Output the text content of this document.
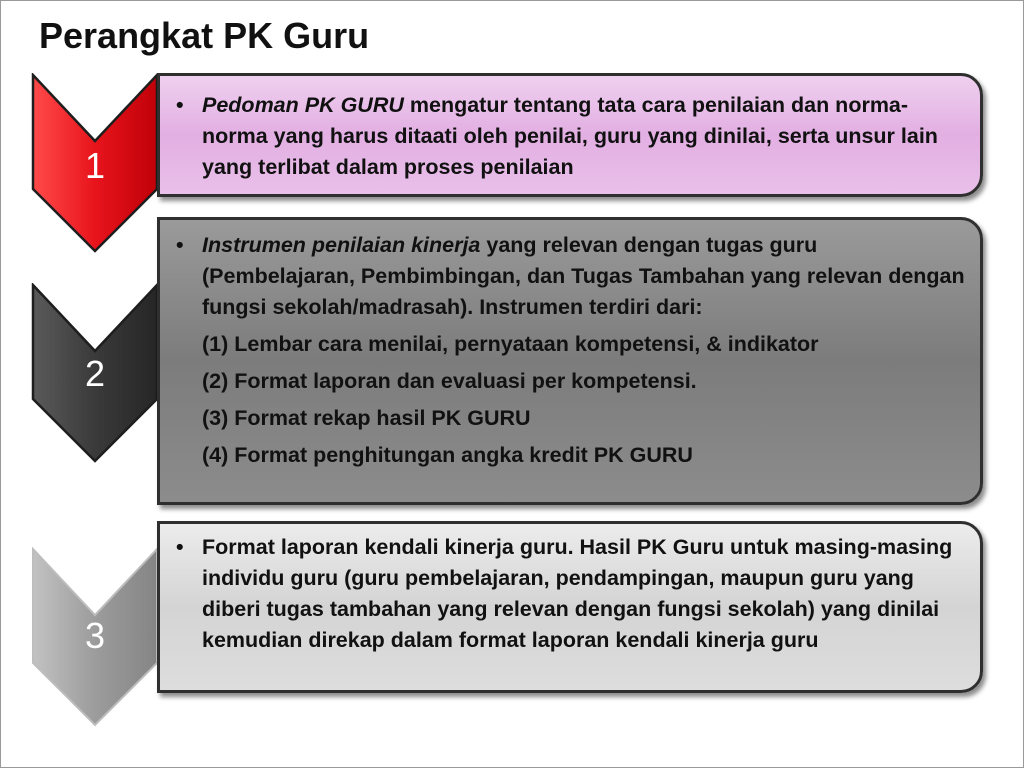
Perangkat PK Guru
1
2
3
• Pedoman PK GURU mengatur tentang tata cara penilaian dan norma-norma yang harus ditaati oleh penilai, guru yang dinilai, serta unsur lain yang terlibat dalam proses penilaian
• Instrumen penilaian kinerja yang relevan dengan tugas guru (Pembelajaran, Pembimbingan, dan Tugas Tambahan yang relevan dengan fungsi sekolah/madrasah). Instrumen terdiri dari:
(1) Lembar cara menilai, pernyataan kompetensi, & indikator
(2) Format laporan dan evaluasi per kompetensi.
(3) Format rekap hasil PK GURU
(4) Format penghitungan angka kredit PK GURU
• Format laporan kendali kinerja guru. Hasil PK Guru untuk masing-masing individu guru (guru pembelajaran, pendampingan, maupun guru yang diberi tugas tambahan yang relevan dengan fungsi sekolah) yang dinilai kemudian direkap dalam format laporan kendali kinerja guru
